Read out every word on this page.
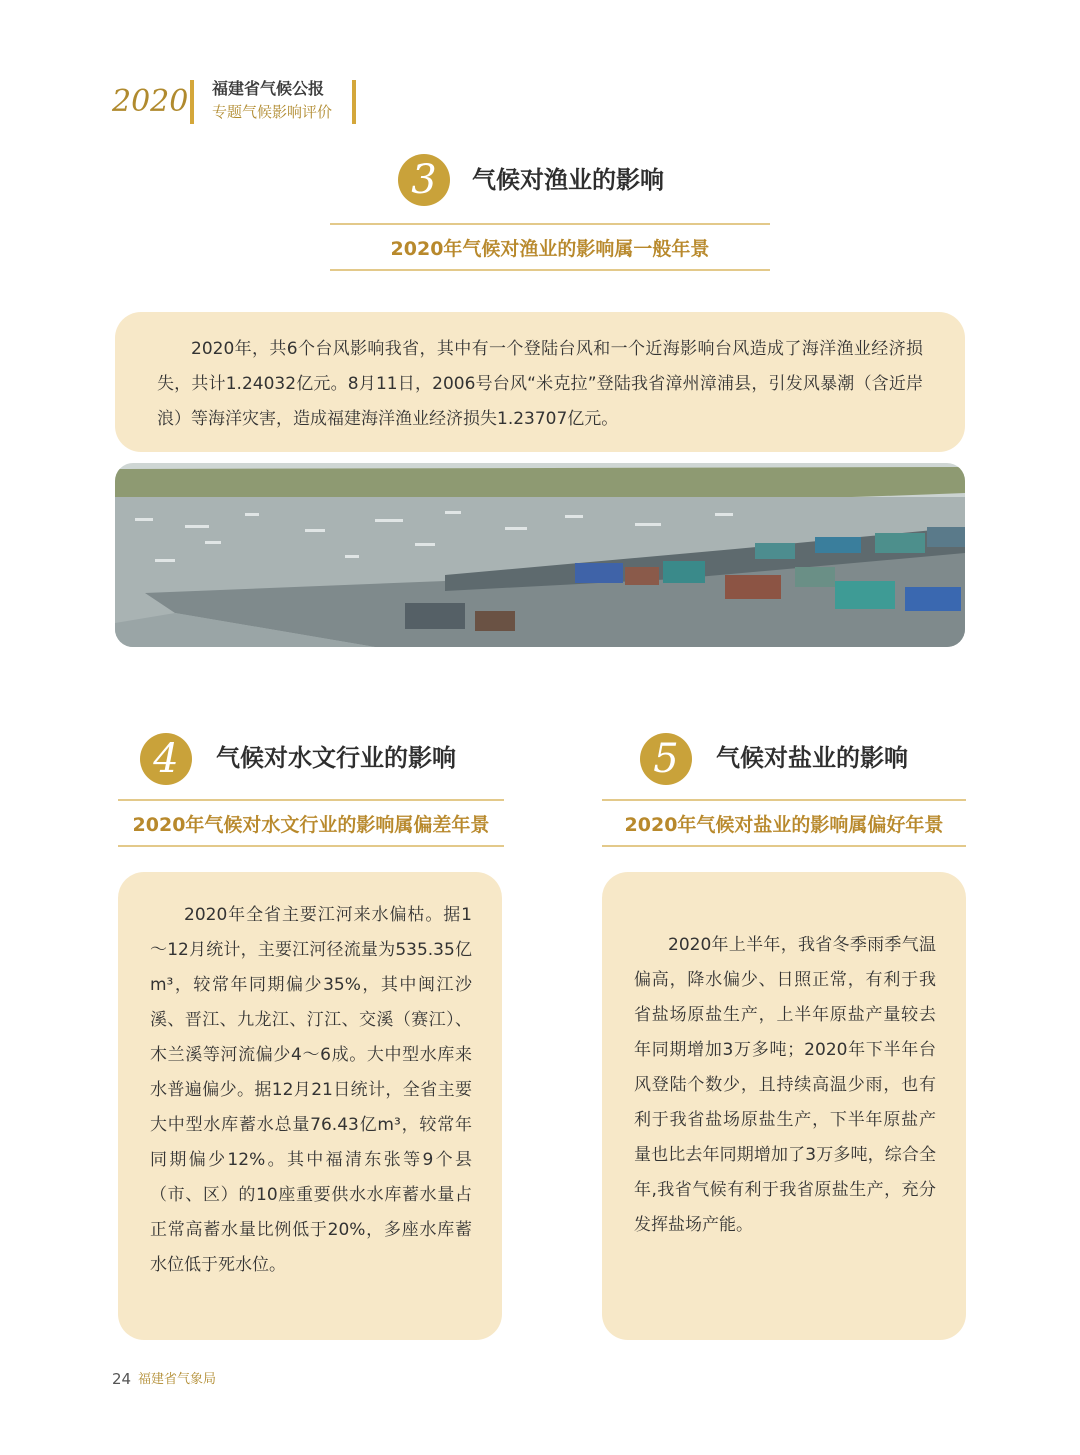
2020 福建省气候公报
专题气候影响评价
3	气候对渔业的影响
2020年气候对渔业的影响属一般年景

2020年，共6个台风影响我省，其中有一个登陆台风和一个近海影响台风造成了海洋渔业经济损失，共计1.24032亿元。8月11日，2006号台风“米克拉”登陆我省漳州漳浦县，引发风暴潮（含近岸浪）等海洋灾害，造成福建海洋渔业经济损失1.23707亿元。

4	气候对水文行业的影响
2020年气候对水文行业的影响属偏差年景

2020年全省主要江河来水偏枯。据1～12月统计，主要江河径流量为535.35亿m³，较常年同期偏少35%，其中闽江沙溪、晋江、九龙江、汀江、交溪（赛江）、木兰溪等河流偏少4～6成。大中型水库来水普遍偏少。据12月21日统计，全省主要大中型水库蓄水总量76.43亿m³，较常年同期偏少12%。其中福清东张等9个县（市、区）的10座重要供水水库蓄水量占正常高蓄水量比例低于20%，多座水库蓄水位低于死水位。

5	气候对盐业的影响
2020年气候对盐业的影响属偏好年景

2020年上半年，我省冬季雨季气温偏高，降水偏少、日照正常，有利于我省盐场原盐生产，上半年原盐产量较去年同期增加3万多吨；2020年下半年台风登陆个数少，且持续高温少雨，也有利于我省盐场原盐生产，下半年原盐产量也比去年同期增加了3万多吨，综合全年,我省气候有利于我省原盐生产，充分发挥盐场产能。

24 福建省气象局
